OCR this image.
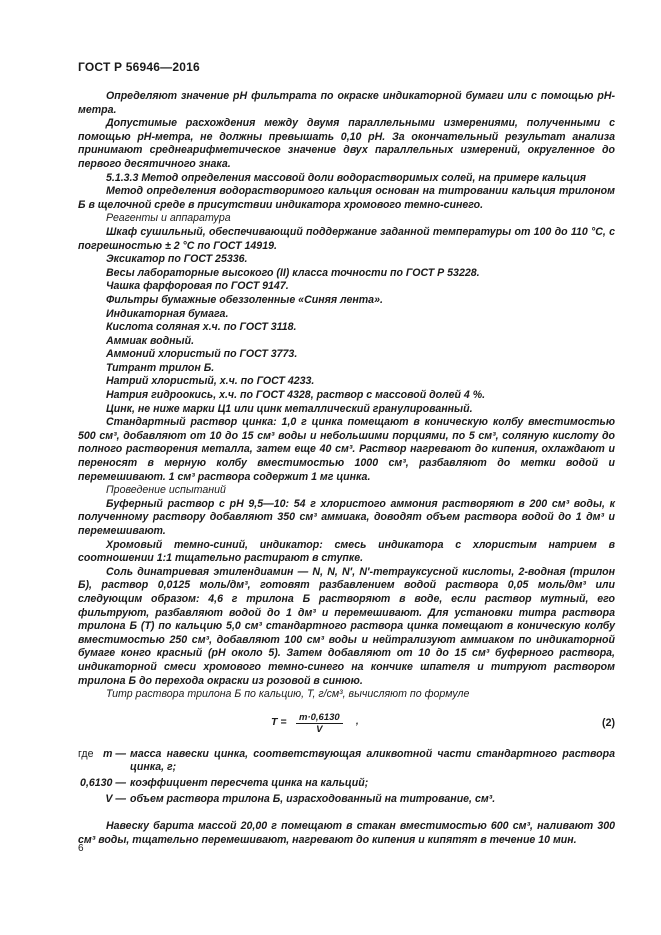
ГОСТ Р 56946—2016

Определяют значение pH фильтрата по окраске индикаторной бумаги или с помощью pH-метра.

Допустимые расхождения между двумя параллельными измерениями, полученными с помощью pH-метра, не должны превышать 0,10 pH. За окончательный результат анализа принимают среднеарифметическое значение двух параллельных измерений, округленное до первого десятичного знака.

5.1.3.3 Метод определения массовой доли водорастворимых солей, на примере кальция

Метод определения водорастворимого кальция основан на титровании кальция трилоном Б в щелочной среде в присутствии индикатора хромового темно-синего.

Реагенты и аппаратура

Шкаф сушильный, обеспечивающий поддержание заданной температуры от 100 до 110 °C, с погрешностью ± 2 °C по ГОСТ 14919.

Эксикатор по ГОСТ 25336.

Весы лабораторные высокого (II) класса точности по ГОСТ Р 53228.

Чашка фарфоровая по ГОСТ 9147.

Фильтры бумажные обеззоленные «Синяя лента».

Индикаторная бумага.

Кислота соляная х.ч. по ГОСТ 3118.

Аммиак водный.

Аммоний хлористый по ГОСТ 3773.

Титрант трилон Б.

Натрий хлористый, х.ч. по ГОСТ 4233.

Натрия гидроокись, х.ч. по ГОСТ 4328, раствор с массовой долей 4 %.

Цинк, не ниже марки Ц1 или цинк металлический гранулированный.

Стандартный раствор цинка: 1,0 г цинка помещают в коническую колбу вместимостью 500 см³, добавляют от 10 до 15 см³ воды и небольшими порциями, по 5 см³, соляную кислоту до полного растворения металла, затем еще 40 см³. Раствор нагревают до кипения, охлаждают и переносят в мерную колбу вместимостью 1000 см³, разбавляют до метки водой и перемешивают. 1 см³ раствора содержит 1 мг цинка.

Проведение испытаний

Буферный раствор с pH 9,5—10: 54 г хлористого аммония растворяют в 200 см³ воды, к полученному раствору добавляют 350 см³ аммиака, доводят объем раствора водой до 1 дм³ и перемешивают.

Хромовый темно-синий, индикатор: смесь индикатора с хлористым натрием в соотношении 1:1 тщательно растирают в ступке.

Соль динатриевая этилендиамин — N, N, N′, N′-тетрауксусной кислоты, 2-водная (трилон Б), раствор 0,0125 моль/дм³, готовят разбавлением водой раствора 0,05 моль/дм³ или следующим образом: 4,6 г трилона Б растворяют в воде, если раствор мутный, его фильтруют, разбавляют водой до 1 дм³ и перемешивают. Для установки титра раствора трилона Б (T) по кальцию 5,0 см³ стандартного раствора цинка помещают в коническую колбу вместимостью 250 см³, добавляют 100 см³ воды и нейтрализуют аммиаком по индикаторной бумаге конго красный (pH около 5). Затем добавляют от 10 до 15 см³ буферного раствора, индикаторной смеси хромового темно-синего на кончике шпателя и титруют раствором трилона Б до перехода окраски из розовой в синюю.

Титр раствора трилона Б по кальцию, T, г/см³, вычисляют по формуле

T =	m·0,6130
V
,	(2)
где m — масса навески цинка, соответствующая аликвотной части стандартного раствора цинка, г;

0,6130 — коэффициент пересчета цинка на кальций;

V — объем раствора трилона Б, израсходованный на титрование, см³.

Навеску барита массой 20,00 г помещают в стакан вместимостью 600 см³, наливают 300 см³ воды, тщательно перемешивают, нагревают до кипения и кипятят в течение 10 мин.

6
